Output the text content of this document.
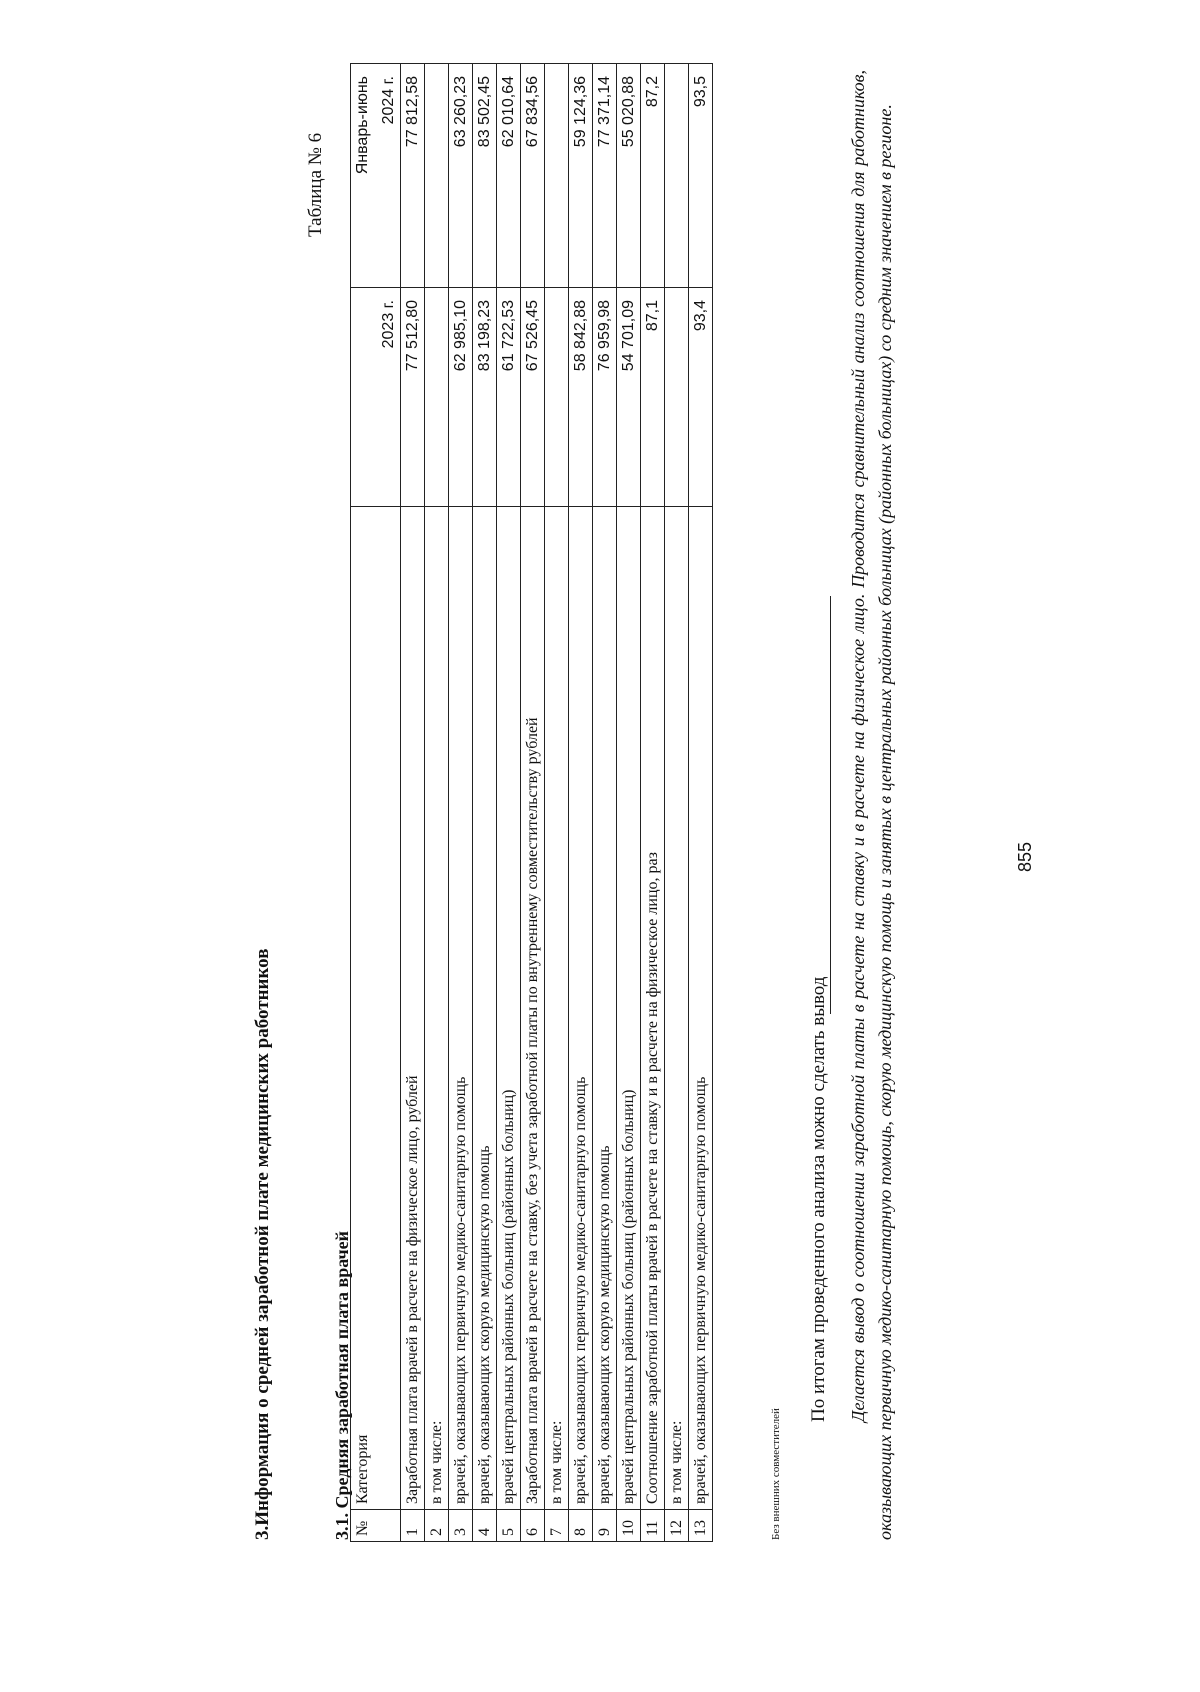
3.Информация о средней заработной плате медицинских работников
Таблица № 6
3.1. Средняя заработная плата врачей №	Категория	2023 г.	Январь-июнь
			2024 г.
1	Заработная плата врачей в расчете на физическое лицо, рублей	77 512,80	77 812,58
2	в том числе:		
3	врачей, оказывающих первичную медико-санитарную помощь	62 985,10	63 260,23
4	врачей, оказывающих скорую медицинскую помощь	83 198,23	83 502,45
5	врачей центральных районных больниц (районных больниц)	61 722,53	62 010,64
6	Заработная плата врачей в расчете на ставку, без учета заработной платы по внутреннему совместительству рублей	67 526,45	67 834,56
7	в том числе:		
8	врачей, оказывающих первичную медико-санитарную помощь	58 842,88	59 124,36
9	врачей, оказывающих скорую медицинскую помощь	76 959,98	77 371,14
10	врачей центральных районных больниц (районных больниц)	54 701,09	55 020,88
11	Соотношение заработной платы врачей в расчете на ставку и в расчете на физическое лицо, раз	87,1	87,2
12	в том числе:		
13	врачей, оказывающих первичную медико-санитарную помощь	93,4	93,5
Без внешних совместителей
По итогам проведенного анализа можно сделать вывод Делается вывод о соотношении заработной платы в расчете на ставку и в расчете на физическое лицо. Проводится сравнительный анализ соотношения для работников, оказывающих первичную медико-санитарную помощь, скорую медицинскую помощь и занятых в центральных районных больницах (районных больницах) со средним значением в регионе.	855
